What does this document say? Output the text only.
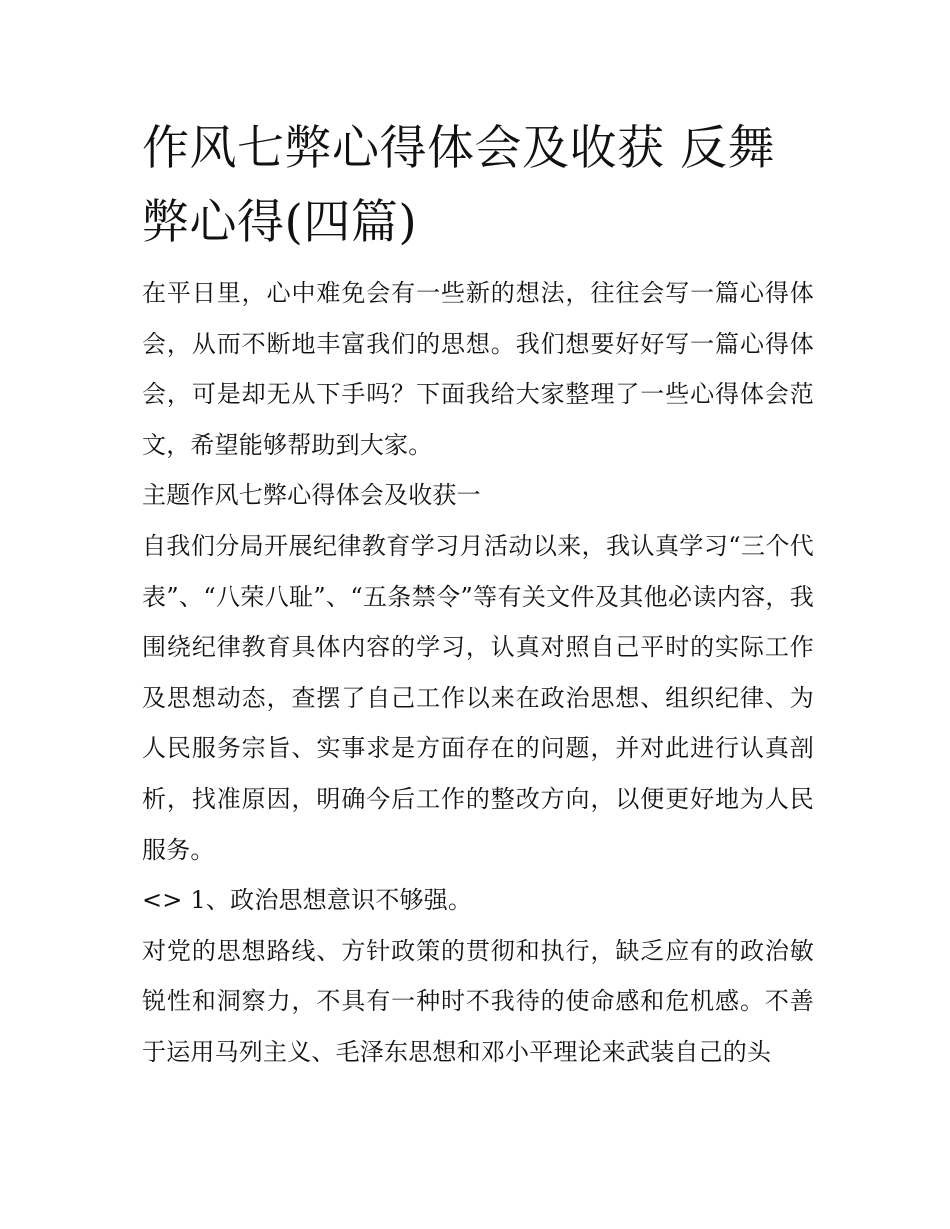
作风七弊心得体会及收获 反舞弊心得(四篇)

在平日里，心中难免会有一些新的想法，往往会写一篇心得体会，从而不断地丰富我们的思想。我们想要好好写一篇心得体会，可是却无从下手吗？下面我给大家整理了一些心得体会范文，希望能够帮助到大家。

主题作风七弊心得体会及收获一

自我们分局开展纪律教育学习月活动以来，我认真学习“三个代表”、“八荣八耻”、“五条禁令”等有关文件及其他必读内容，我围绕纪律教育具体内容的学习，认真对照自己平时的实际工作及思想动态，查摆了自己工作以来在政治思想、组织纪律、为人民服务宗旨、实事求是方面存在的问题，并对此进行认真剖析，找准原因，明确今后工作的整改方向，以便更好地为人民服务。

<> 1、政治思想意识不够强。

对党的思想路线、方针政策的贯彻和执行，缺乏应有的政治敏锐性和洞察力，不具有一种时不我待的使命感和危机感。不善于运用马列主义、毛泽东思想和邓小平理论来武装自己的头
